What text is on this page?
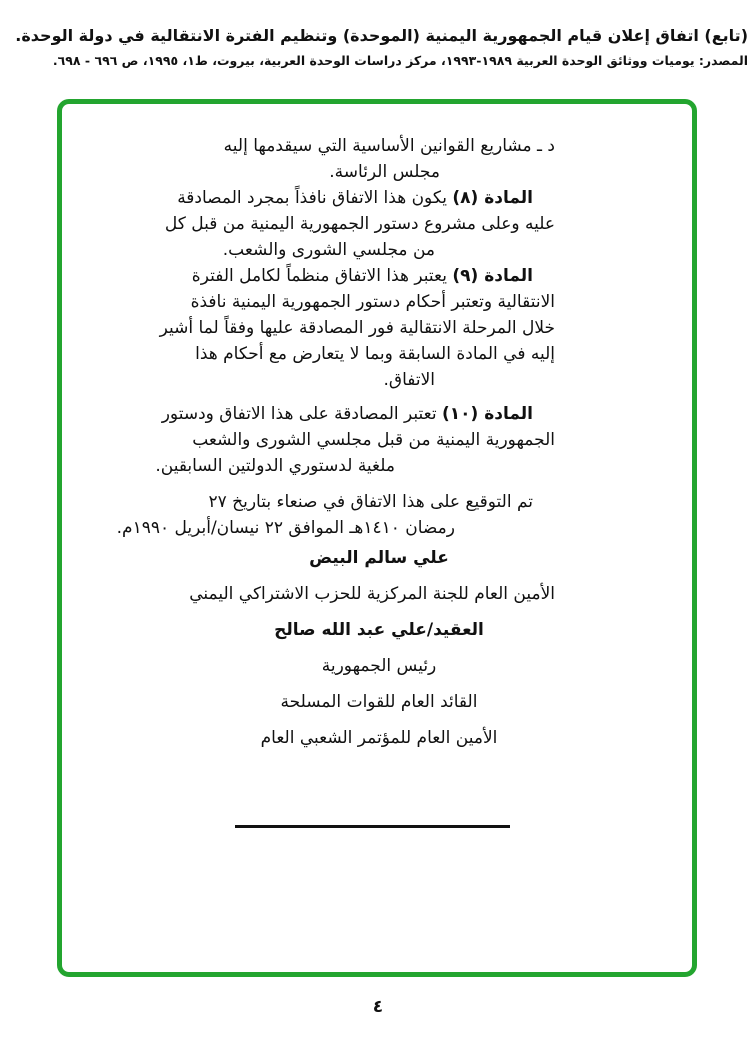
(تابع) اتفاق إعلان قيام الجمهورية اليمنية (الموحدة) وتنظيم الفترة الانتقالية في دولة الوحدة.
المصدر: يوميات ووثائق الوحدة العربية ١٩٨٩-١٩٩٣، مركز دراسات الوحدة العربية، بيروت، ط١، ١٩٩٥، ص ٦٩٦ - ٦٩٨.
د ـ مشاريع القوانين الأساسية التي سيقدمها إليه
مجلس الرئاسة.
المادة (٨) يكون هذا الاتفاق نافذاً بمجرد المصادقة
عليه وعلى مشروع دستور الجمهورية اليمنية من قبل كل
من مجلسي الشورى والشعب.
المادة (٩) يعتبر هذا الاتفاق منظماً لكامل الفترة
الانتقالية وتعتبر أحكام دستور الجمهورية اليمنية نافذة
خلال المرحلة الانتقالية فور المصادقة عليها وفقاً لما أشير
إليه في المادة السابقة وبما لا يتعارض مع أحكام هذا
الاتفاق.
المادة (١٠) تعتبر المصادقة على هذا الاتفاق ودستور
الجمهورية اليمنية من قبل مجلسي الشورى والشعب
ملغية لدستوري الدولتين السابقين.
تم التوقيع على هذا الاتفاق في صنعاء بتاريخ ٢٧
رمضان ١٤١٠هـ الموافق ٢٢ نيسان/أبريل ١٩٩٠م.
علي سالم البيض
الأمين العام للجنة المركزية للحزب الاشتراكي اليمني
العقيد/علي عبد الله صالح
رئيس الجمهورية
القائد العام للقوات المسلحة
الأمين العام للمؤتمر الشعبي العام
٤
